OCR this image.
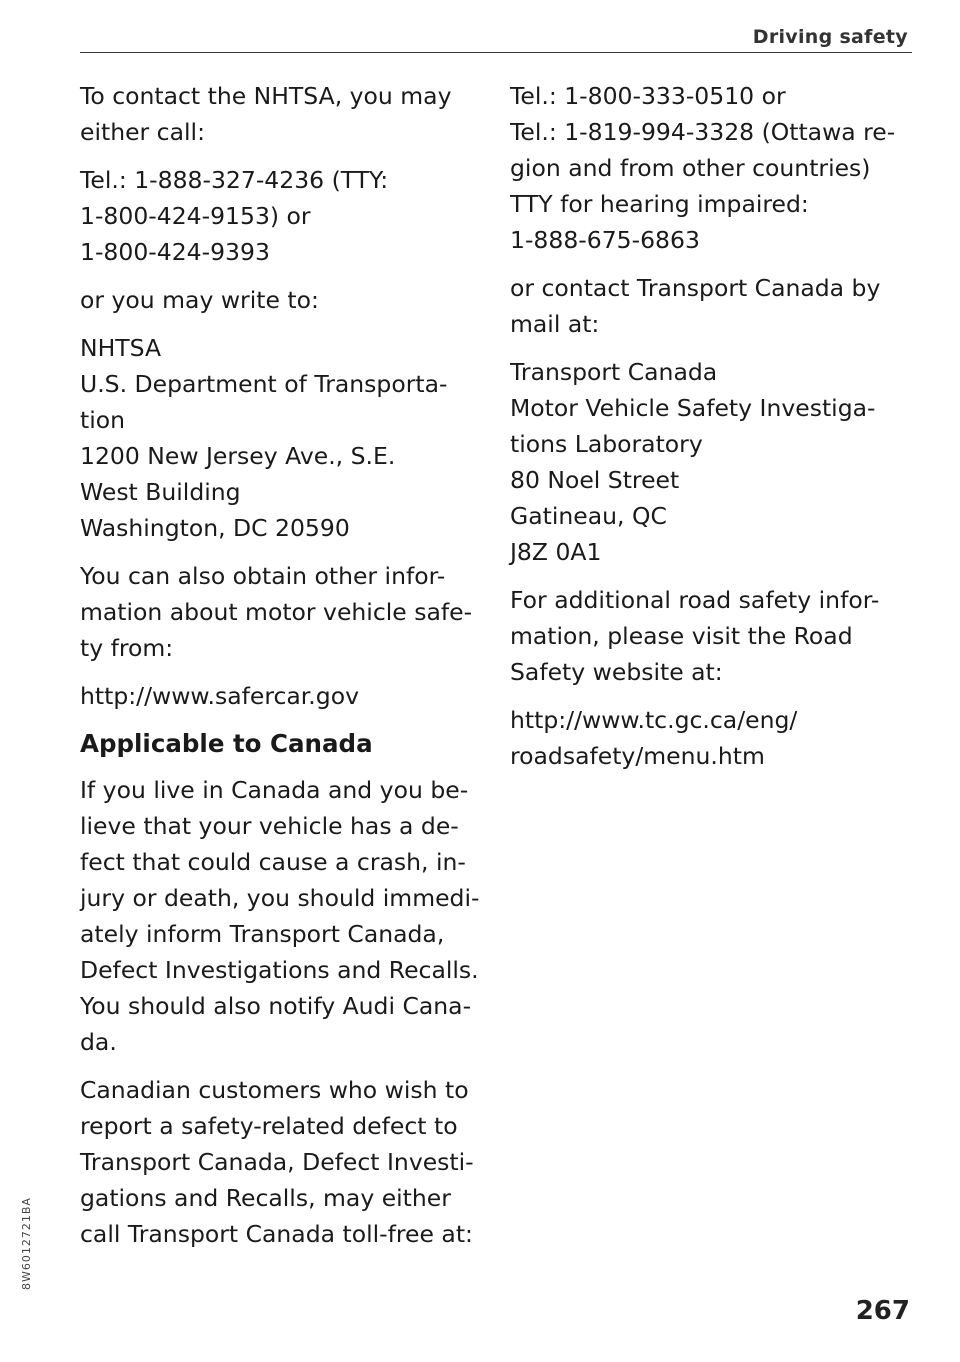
Driving safety

To contact the NHTSA, you may
either call:

Tel.: 1-888-327-4236 (TTY:
1-800-424-9153) or
1-800-424-9393

or you may write to:

NHTSA
U.S. Department of Transporta-
tion
1200 New Jersey Ave., S.E.
West Building
Washington, DC 20590

You can also obtain other infor-
mation about motor vehicle safe-
ty from:

http://www.safercar.gov

Applicable to Canada

If you live in Canada and you be-
lieve that your vehicle has a de-
fect that could cause a crash, in-
jury or death, you should immedi-
ately inform Transport Canada,
Defect Investigations and Recalls.
You should also notify Audi Cana-
da.

Canadian customers who wish to
report a safety-related defect to
Transport Canada, Defect Investi-
gations and Recalls, may either
call Transport Canada toll-free at:

Tel.: 1-800-333-0510 or
Tel.: 1-819-994-3328 (Ottawa re-
gion and from other countries)
TTY for hearing impaired:
1-888-675-6863

or contact Transport Canada by
mail at:

Transport Canada
Motor Vehicle Safety Investiga-
tions Laboratory
80 Noel Street
Gatineau, QC
J8Z 0A1

For additional road safety infor-
mation, please visit the Road
Safety website at:

http://www.tc.gc.ca/eng/
roadsafety/menu.htm

8W6012721BA
267
